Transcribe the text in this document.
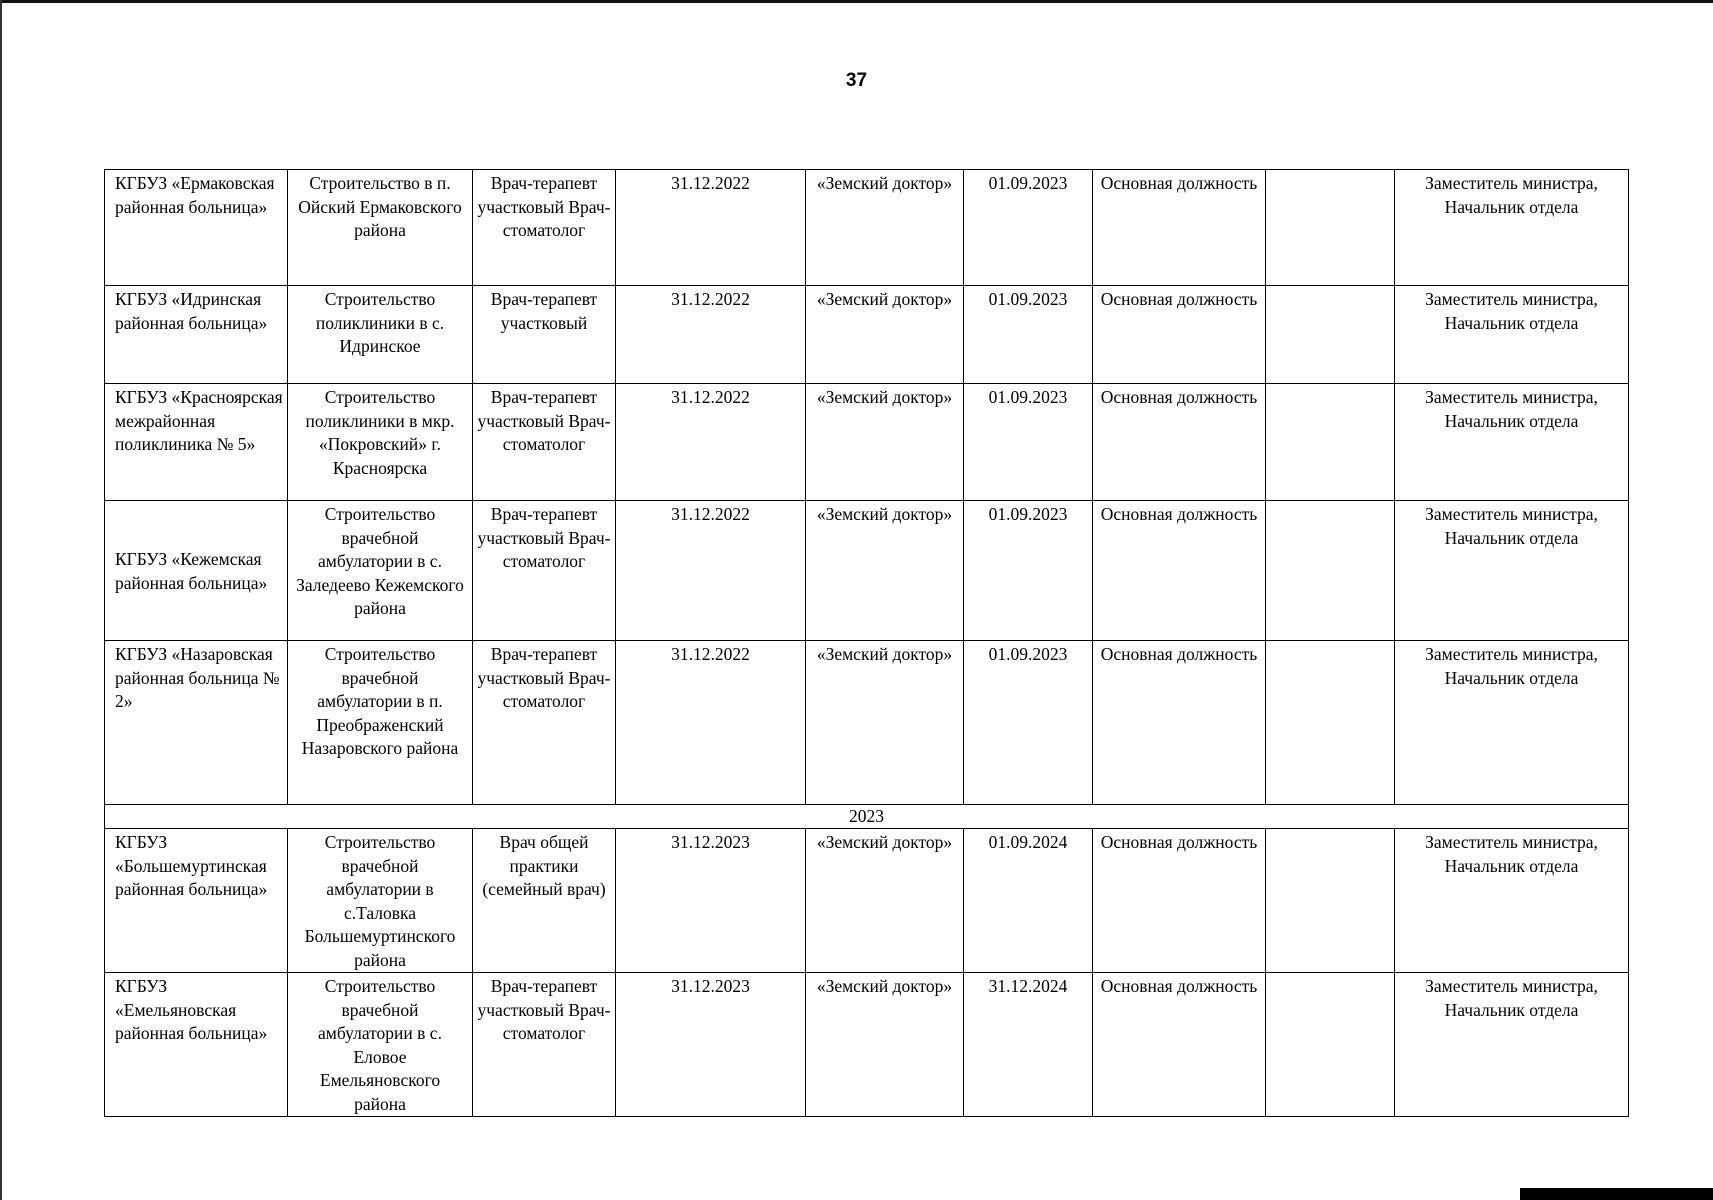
37
КГБУЗ «Ермаковская районная больница»	Строительство в п. Ойский Ермаковского района	Врач-терапевт участковый Врач-стоматолог	31.12.2022	«Земский доктор»	01.09.2023	Основная должность		Заместитель министра, Начальник отдела
КГБУЗ «Идринская районная больница»	Строительство поликлиники в с. Идринское	Врач-терапевт участковый	31.12.2022	«Земский доктор»	01.09.2023	Основная должность		Заместитель министра, Начальник отдела
КГБУЗ «Красноярская межрайонная поликлиника № 5»	Строительство поликлиники в мкр. «Покровский» г. Красноярска	Врач-терапевт участковый Врач-стоматолог	31.12.2022	«Земский доктор»	01.09.2023	Основная должность		Заместитель министра, Начальник отдела
КГБУЗ «Кежемская районная больница»	Строительство врачебной амбулатории в с. Заледеево Кежемского района	Врач-терапевт участковый Врач-стоматолог	31.12.2022	«Земский доктор»	01.09.2023	Основная должность		Заместитель министра, Начальник отдела
КГБУЗ «Назаровская районная больница № 2»	Строительство врачебной амбулатории в п. Преображенский Назаровского района	Врач-терапевт участковый Врач-стоматолог	31.12.2022	«Земский доктор»	01.09.2023	Основная должность		Заместитель министра, Начальник отдела
2023								
КГБУЗ «Большемуртинская районная больница»	Строительство врачебной амбулатории в с.Таловка Большемуртинского района	Врач общей практики (семейный врач)	31.12.2023	«Земский доктор»	01.09.2024	Основная должность		Заместитель министра, Начальник отдела
КГБУЗ «Емельяновская районная больница»	Строительство врачебной амбулатории в с. Еловое Емельяновского района	Врач-терапевт участковый Врач-стоматолог	31.12.2023	«Земский доктор»	31.12.2024	Основная должность		Заместитель министра, Начальник отдела
